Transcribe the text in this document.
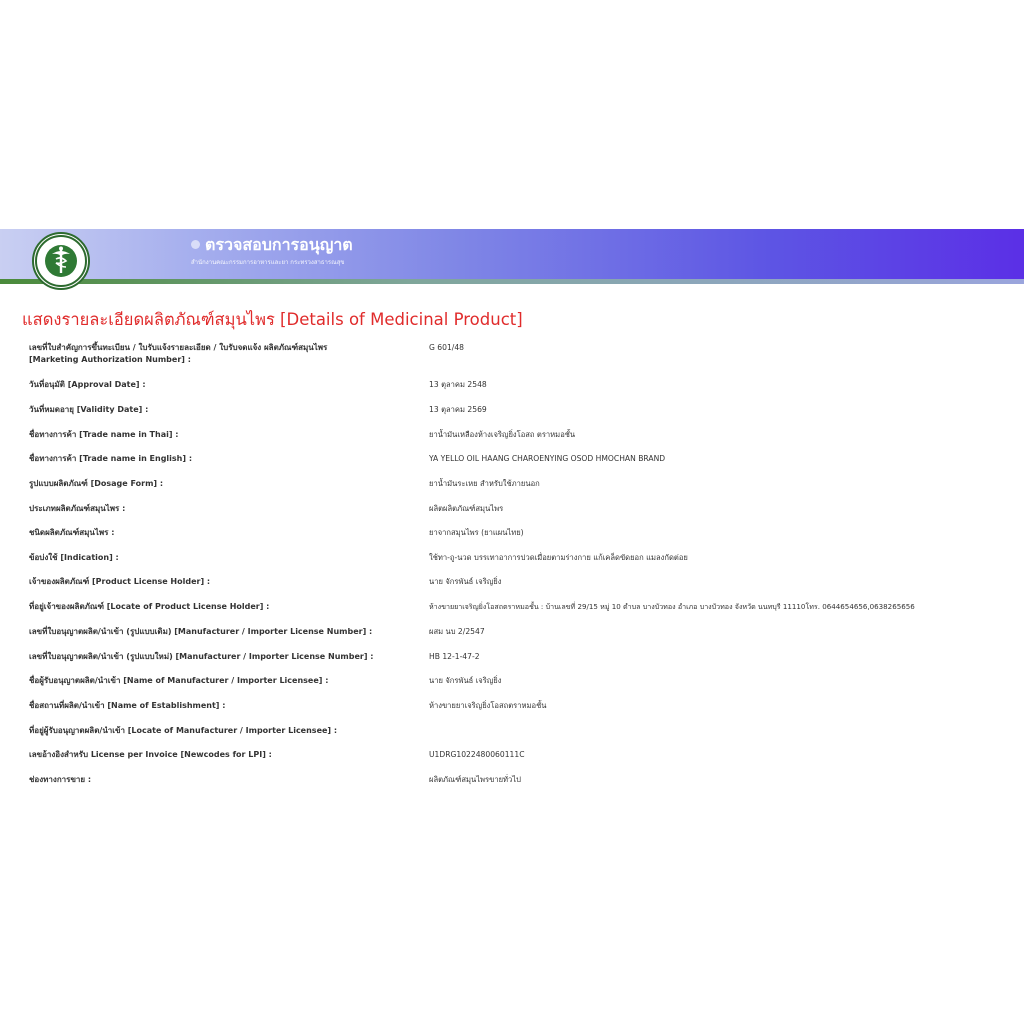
ตรวจสอบการอนุญาต
สำนักงานคณะกรรมการอาหารและยา กระทรวงสาธารณสุข
แสดงรายละเอียดผลิตภัณฑ์สมุนไพร [Details of Medicinal Product]
เลขที่ใบสำคัญการขึ้นทะเบียน / ใบรับแจ้งรายละเอียด / ใบรับจดแจ้ง ผลิตภัณฑ์สมุนไพร
[Marketing Authorization Number] :
G 601/48
วันที่อนุมัติ [Approval Date] :	13 ตุลาคม 2548
วันที่หมดอายุ [Validity Date] :	13 ตุลาคม 2569
ชื่อทางการค้า [Trade name in Thai] :	ยาน้ำมันเหลืองห้างเจริญยิ่งโอสถ ตราหมอชั้น
ชื่อทางการค้า [Trade name in English] :	YA YELLO OIL HAANG CHAROENYING OSOD HMOCHAN BRAND
รูปแบบผลิตภัณฑ์ [Dosage Form] :	ยาน้ำมันระเหย สำหรับใช้ภายนอก
ประเภทผลิตภัณฑ์สมุนไพร :	ผลิตผลิตภัณฑ์สมุนไพร
ชนิดผลิตภัณฑ์สมุนไพร :	ยาจากสมุนไพร (ยาแผนไทย)
ข้อบ่งใช้ [Indication] :	ใช้ทา-ถู-นวด บรรเทาอาการปวดเมื่อยตามร่างกาย แก้เคล็ดขัดยอก แมลงกัดต่อย
เจ้าของผลิตภัณฑ์ [Product License Holder] :	นาย จักรพันธ์ เจริญยิ่ง
ที่อยู่เจ้าของผลิตภัณฑ์ [Locate of Product License Holder] :	ห้างขายยาเจริญยิ่งโอสถตราหมอชั้น : บ้านเลขที่ 29/15 หมู่ 10 ตำบล บางบัวทอง อำเภอ บางบัวทอง จังหวัด นนทบุรี 11110โทร. 0644654656,0638265656
เลขที่ใบอนุญาตผลิต/นำเข้า (รูปแบบเดิม) [Manufacturer / Importer License Number] :	ผสม นบ 2/2547
เลขที่ใบอนุญาตผลิต/นำเข้า (รูปแบบใหม่) [Manufacturer / Importer License Number] :	HB 12-1-47-2
ชื่อผู้รับอนุญาตผลิต/นำเข้า [Name of Manufacturer / Importer Licensee] :	นาย จักรพันธ์ เจริญยิ่ง
ชื่อสถานที่ผลิต/นำเข้า [Name of Establishment] :	ห้างขายยาเจริญยิ่งโอสถตราหมอชั้น
ที่อยู่ผู้รับอนุญาตผลิต/นำเข้า [Locate of Manufacturer / Importer Licensee] :
เลขอ้างอิงสำหรับ License per Invoice [Newcodes for LPI] :	U1DRG1022480060111C
ช่องทางการขาย :	ผลิตภัณฑ์สมุนไพรขายทั่วไป
